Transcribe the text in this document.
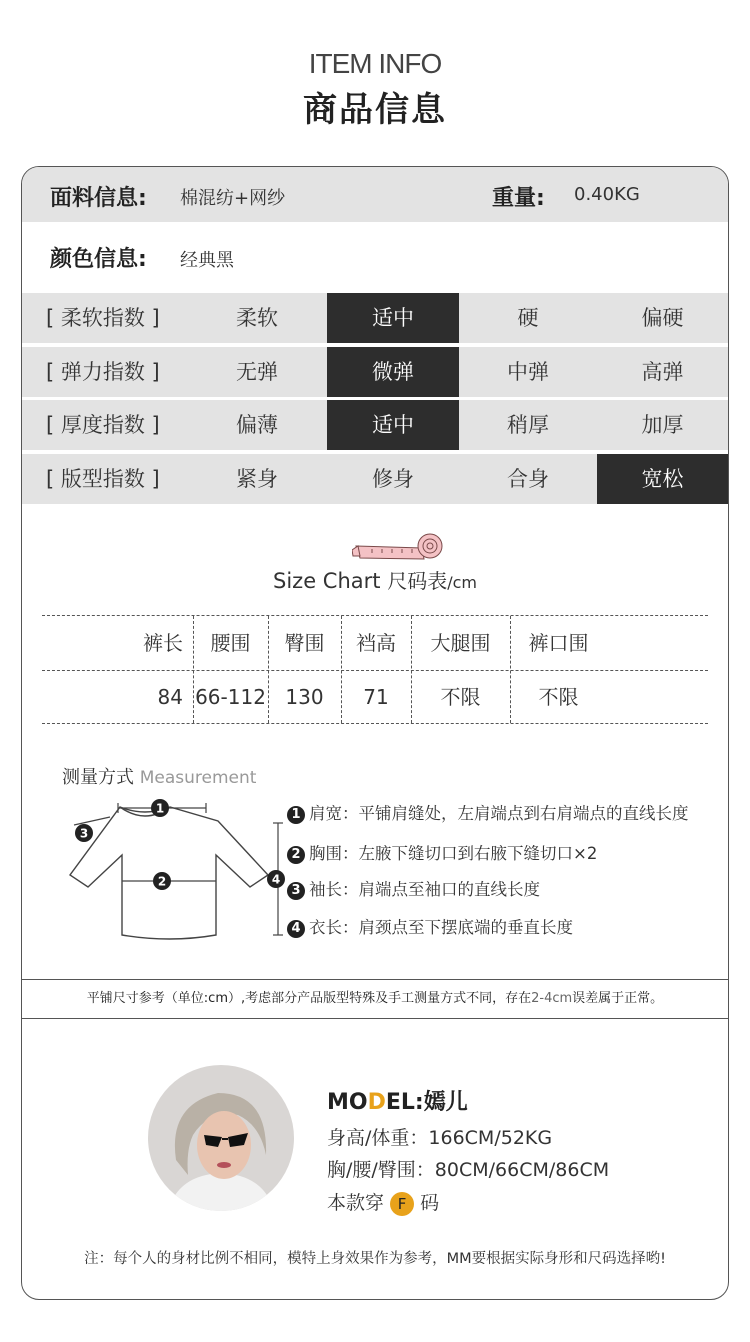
ITEM INFO
商品信息
面料信息: 棉混纺+网纱	重量: 0.40KG
颜色信息: 经典黑
[ 柔软指数 ]	柔软	适中	硬	偏硬
[ 弹力指数 ]	无弹	微弹	中弹	高弹
[ 厚度指数 ]	偏薄	适中	稍厚	加厚
[ 版型指数 ]	紧身	修身	合身	宽松
Size Chart 尺码表/cm
裤长	腰围	臀围	裆高	大腿围	裤口围
84 66-112 130	71	不限	不限
测量方式 Measurement
1
2
3
4
1 肩宽：平铺肩缝处，左肩端点到右肩端点的直线长度
2 胸围：左腋下缝切口到右腋下缝切口×2
3 袖长：肩端点至袖口的直线长度
4 衣长：肩颈点至下摆底端的垂直长度
平铺尺寸参考（单位:cm）,考虑部分产品版型特殊及手工测量方式不同，存在2-4cm误差属于正常。
MODEL:嫣儿
身高/体重：166CM/52KG
胸/腰/臀围：80CM/66CM/86CM
本款穿 F 码
注：每个人的身材比例不相同，模特上身效果作为参考，MM要根据实际身形和尺码选择哟!
